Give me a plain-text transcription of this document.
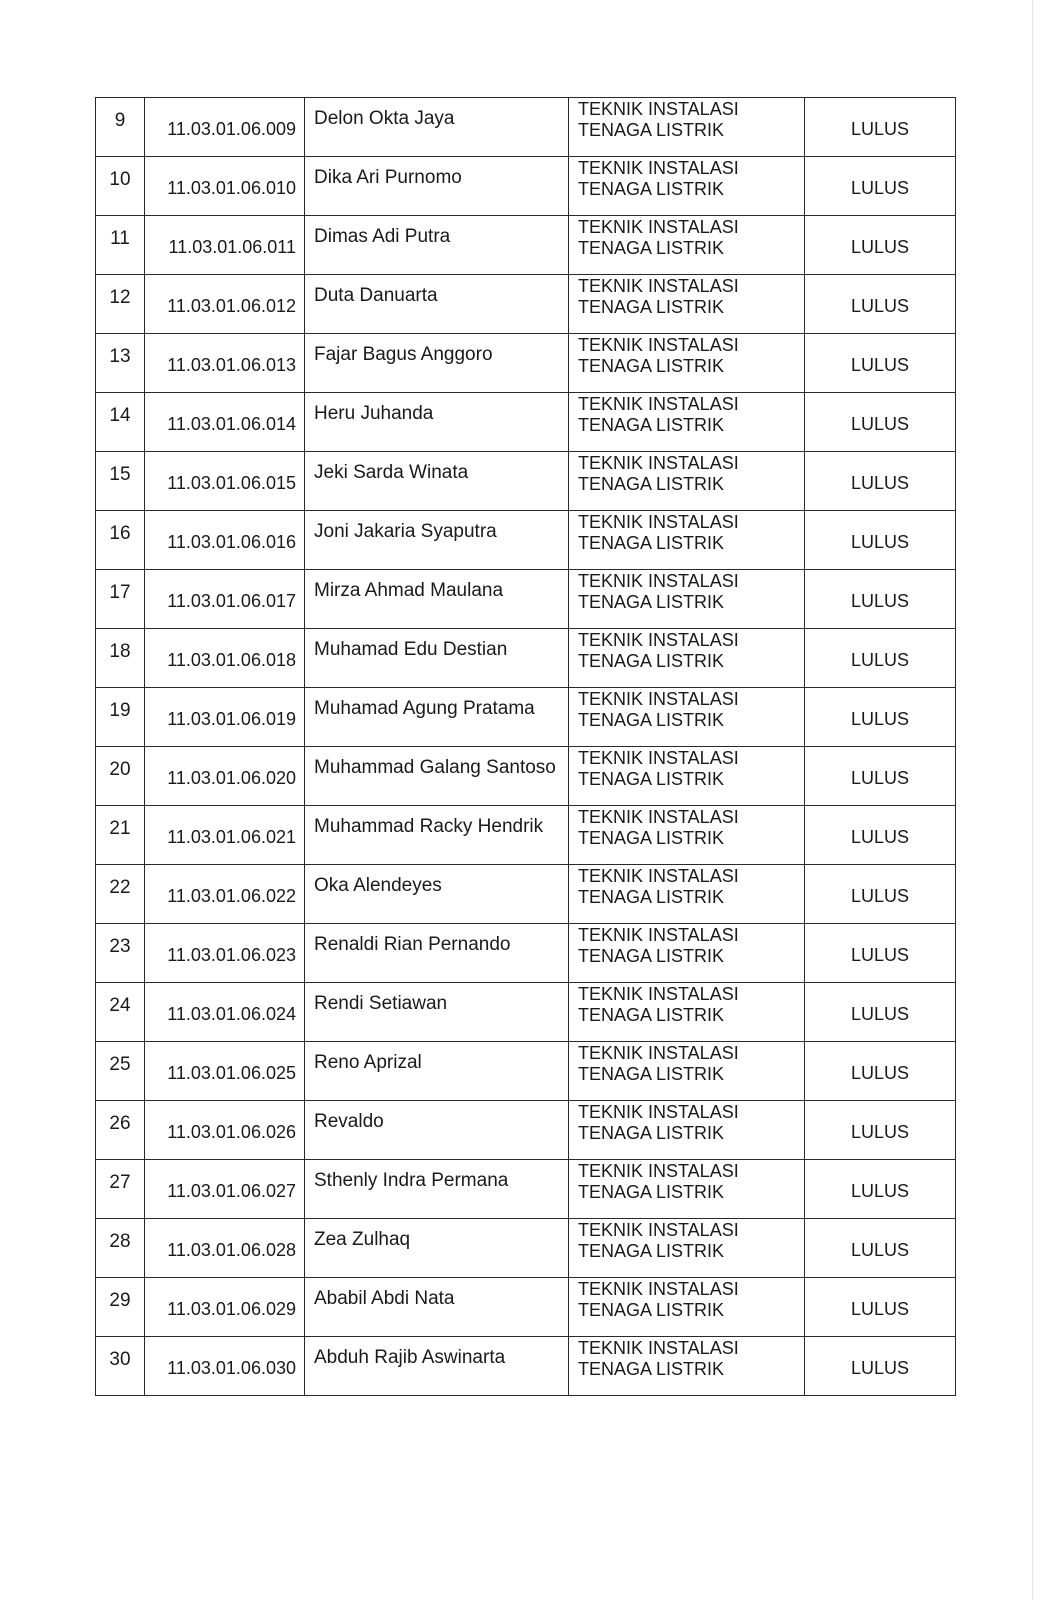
9	11.03.01.06.009	Delon Okta Jaya	TEKNIK INSTALASI
TENAGA LISTRIK	LULUS
10	11.03.01.06.010	Dika Ari Purnomo	TEKNIK INSTALASI
TENAGA LISTRIK	LULUS
11	11.03.01.06.011	Dimas Adi Putra	TEKNIK INSTALASI
TENAGA LISTRIK	LULUS
12	11.03.01.06.012	Duta Danuarta	TEKNIK INSTALASI
TENAGA LISTRIK	LULUS
13	11.03.01.06.013	Fajar Bagus Anggoro	TEKNIK INSTALASI
TENAGA LISTRIK	LULUS
14	11.03.01.06.014	Heru Juhanda	TEKNIK INSTALASI
TENAGA LISTRIK	LULUS
15	11.03.01.06.015	Jeki Sarda Winata	TEKNIK INSTALASI
TENAGA LISTRIK	LULUS
16	11.03.01.06.016	Joni Jakaria Syaputra	TEKNIK INSTALASI
TENAGA LISTRIK	LULUS
17	11.03.01.06.017	Mirza Ahmad Maulana	TEKNIK INSTALASI
TENAGA LISTRIK	LULUS
18	11.03.01.06.018	Muhamad Edu Destian	TEKNIK INSTALASI
TENAGA LISTRIK	LULUS
19	11.03.01.06.019	Muhamad Agung Pratama	TEKNIK INSTALASI
TENAGA LISTRIK	LULUS
20	11.03.01.06.020	Muhammad Galang Santoso	TEKNIK INSTALASI
TENAGA LISTRIK	LULUS
21	11.03.01.06.021	Muhammad Racky Hendrik	TEKNIK INSTALASI
TENAGA LISTRIK	LULUS
22	11.03.01.06.022	Oka Alendeyes	TEKNIK INSTALASI
TENAGA LISTRIK	LULUS
23	11.03.01.06.023	Renaldi Rian Pernando	TEKNIK INSTALASI
TENAGA LISTRIK	LULUS
24	11.03.01.06.024	Rendi Setiawan	TEKNIK INSTALASI
TENAGA LISTRIK	LULUS
25	11.03.01.06.025	Reno Aprizal	TEKNIK INSTALASI
TENAGA LISTRIK	LULUS
26	11.03.01.06.026	Revaldo	TEKNIK INSTALASI
TENAGA LISTRIK	LULUS
27	11.03.01.06.027	Sthenly Indra Permana	TEKNIK INSTALASI
TENAGA LISTRIK	LULUS
28	11.03.01.06.028	Zea Zulhaq	TEKNIK INSTALASI
TENAGA LISTRIK	LULUS
29	11.03.01.06.029	Ababil Abdi Nata	TEKNIK INSTALASI
TENAGA LISTRIK	LULUS
30	11.03.01.06.030	Abduh Rajib Aswinarta	TEKNIK INSTALASI
TENAGA LISTRIK	LULUS
